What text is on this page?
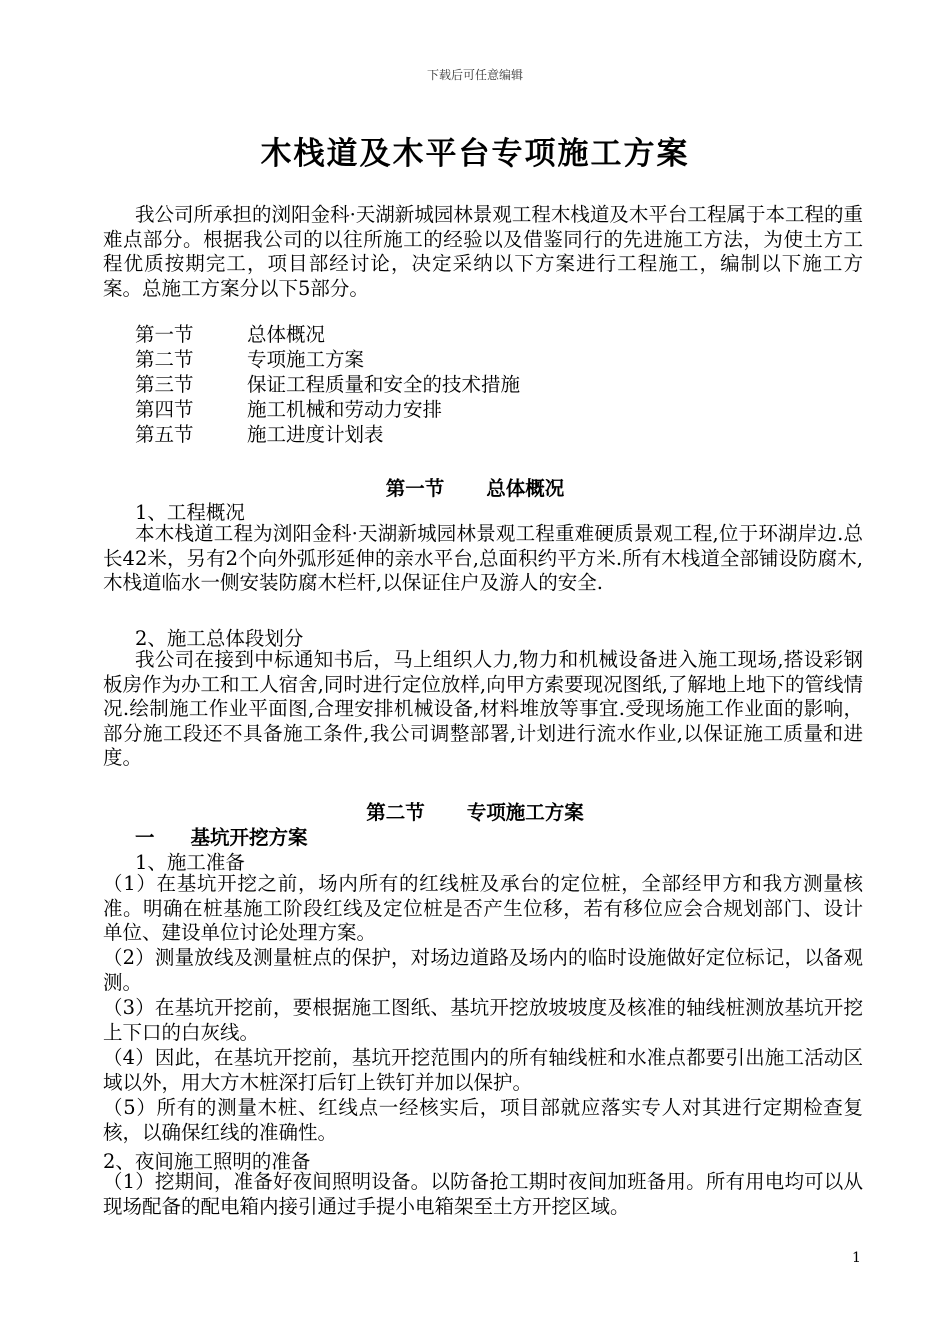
下载后可任意编辑
木栈道及木平台专项施工方案
我公司所承担的浏阳金科·天湖新城园林景观工程木栈道及木平台工程属于本工程的重难点部分。根据我公司的以往所施工的经验以及借鉴同行的先进施工方法，为使土方工程优质按期完工，项目部经讨论，决定采纳以下方案进行工程施工，编制以下施工方案。总施工方案分以下5部分。
第一节	总体概况
第二节	专项施工方案
第三节	保证工程质量和安全的技术措施
第四节	施工机械和劳动力安排
第五节	施工进度计划表
第一节 总体概况
1、工程概况
本木栈道工程为浏阳金科·天湖新城园林景观工程重难硬质景观工程,位于环湖岸边.总长42米，另有2个向外弧形延伸的亲水平台,总面积约平方米.所有木栈道全部铺设防腐木,木栈道临水一侧安装防腐木栏杆,以保证住户及游人的安全.
2、施工总体段划分
我公司在接到中标通知书后，马上组织人力,物力和机械设备进入施工现场,搭设彩钢板房作为办工和工人宿舍,同时进行定位放样,向甲方索要现况图纸,了解地上地下的管线情况.绘制施工作业平面图,合理安排机械设备,材料堆放等事宜.受现场施工作业面的影响，部分施工段还不具备施工条件,我公司调整部署,计划进行流水作业,以保证施工质量和进度。
第二节 专项施工方案
一 基坑开挖方案
1、施工准备
（1）在基坑开挖之前，场内所有的红线桩及承台的定位桩，全部经甲方和我方测量核准。明确在桩基施工阶段红线及定位桩是否产生位移，若有移位应会合规划部门、设计单位、建设单位讨论处理方案。
（2）测量放线及测量桩点的保护，对场边道路及场内的临时设施做好定位标记，以备观测。
（3）在基坑开挖前，要根据施工图纸、基坑开挖放坡坡度及核准的轴线桩测放基坑开挖上下口的白灰线。
（4）因此，在基坑开挖前，基坑开挖范围内的所有轴线桩和水准点都要引出施工活动区域以外，用大方木桩深打后钉上铁钉并加以保护。
（5）所有的测量木桩、红线点一经核实后，项目部就应落实专人对其进行定期检查复核，以确保红线的准确性。
2、夜间施工照明的准备
（1）挖期间，准备好夜间照明设备。以防备抢工期时夜间加班备用。所有用电均可以从现场配备的配电箱内接引通过手提小电箱架至土方开挖区域。
1
